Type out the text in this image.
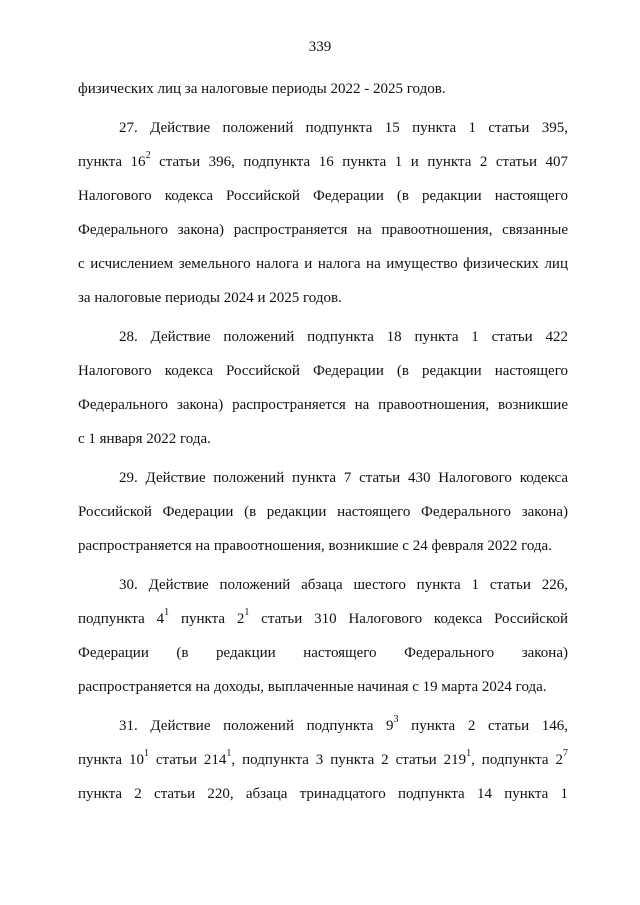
339

физических лиц за налоговые периоды 2022 - 2025 годов.

27. Действие положений подпункта 15 пункта 1 статьи 395,
пункта $16^2$ статьи 396, подпункта 16 пункта 1 и пункта 2 статьи 407
Налогового кодекса Российской Федерации (в редакции настоящего
Федерального закона) распространяется на правоотношения, связанные
с исчислением земельного налога и налога на имущество физических лиц
за налоговые периоды 2024 и 2025 годов.

28. Действие положений подпункта 18 пункта 1 статьи 422
Налогового кодекса Российской Федерации (в редакции настоящего
Федерального закона) распространяется на правоотношения, возникшие
с 1 января 2022 года.

29. Действие положений пункта 7 статьи 430 Налогового кодекса
Российской Федерации (в редакции настоящего Федерального закона)
распространяется на правоотношения, возникшие с 24 февраля 2022 года.

30. Действие положений абзаца шестого пункта 1 статьи 226,
подпункта $4^1$ пункта $2^1$ статьи 310 Налогового кодекса Российской
Федерации (в редакции настоящего Федерального закона)
распространяется на доходы, выплаченные начиная с 19 марта 2024 года.

31. Действие положений подпункта $9^3$ пункта 2 статьи 146,
пункта $10^1$ статьи $214^1$, подпункта 3 пункта 2 статьи $219^1$, подпункта $2^7$
пункта 2 статьи 220, абзаца тринадцатого подпункта 14 пункта 1
